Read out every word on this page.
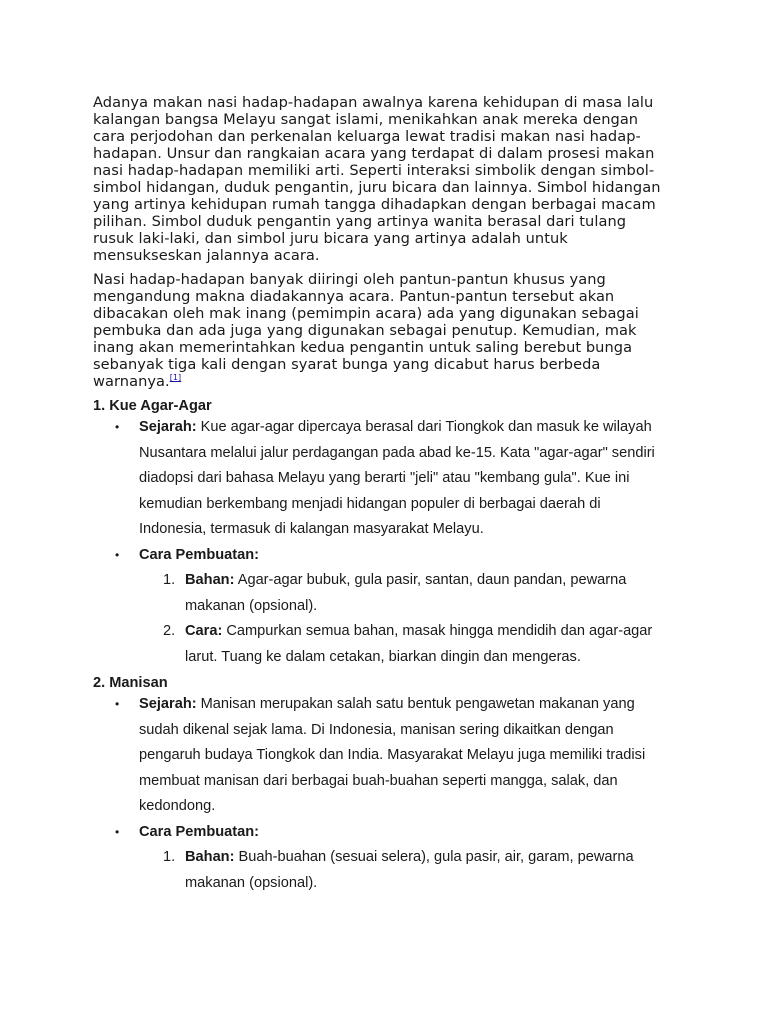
Adanya makan nasi hadap-hadapan awalnya karena kehidupan di masa lalu kalangan bangsa Melayu sangat islami, menikahkan anak mereka dengan cara perjodohan dan perkenalan keluarga lewat tradisi makan nasi hadap-hadapan. Unsur dan rangkaian acara yang terdapat di dalam prosesi makan nasi hadap-hadapan memiliki arti. Seperti interaksi simbolik dengan simbol-simbol hidangan, duduk pengantin, juru bicara dan lainnya. Simbol hidangan yang artinya kehidupan rumah tangga dihadapkan dengan berbagai macam pilihan. Simbol duduk pengantin yang artinya wanita berasal dari tulang rusuk laki-laki, dan simbol juru bicara yang artinya adalah untuk mensukseskan jalannya acara.

Nasi hadap-hadapan banyak diiringi oleh pantun-pantun khusus yang mengandung makna diadakannya acara. Pantun-pantun tersebut akan dibacakan oleh mak inang (pemimpin acara) ada yang digunakan sebagai pembuka dan ada juga yang digunakan sebagai penutup. Kemudian, mak inang akan memerintahkan kedua pengantin untuk saling berebut bunga sebanyak tiga kali dengan syarat bunga yang dicabut harus berbeda warnanya.[1]

1. Kue Agar-Agar

• Sejarah: Kue agar-agar dipercaya berasal dari Tiongkok dan masuk ke wilayah Nusantara melalui jalur perdagangan pada abad ke-15. Kata "agar-agar" sendiri diadopsi dari bahasa Melayu yang berarti "jeli" atau "kembang gula". Kue ini kemudian berkembang menjadi hidangan populer di berbagai daerah di Indonesia, termasuk di kalangan masyarakat Melayu.
• Cara Pembuatan:
1. Bahan: Agar-agar bubuk, gula pasir, santan, daun pandan, pewarna makanan (opsional).
2. Cara: Campurkan semua bahan, masak hingga mendidih dan agar-agar larut. Tuang ke dalam cetakan, biarkan dingin dan mengeras.

2. Manisan

• Sejarah: Manisan merupakan salah satu bentuk pengawetan makanan yang sudah dikenal sejak lama. Di Indonesia, manisan sering dikaitkan dengan pengaruh budaya Tiongkok dan India. Masyarakat Melayu juga memiliki tradisi membuat manisan dari berbagai buah-buahan seperti mangga, salak, dan kedondong.
• Cara Pembuatan:
1. Bahan: Buah-buahan (sesuai selera), gula pasir, air, garam, pewarna makanan (opsional).
